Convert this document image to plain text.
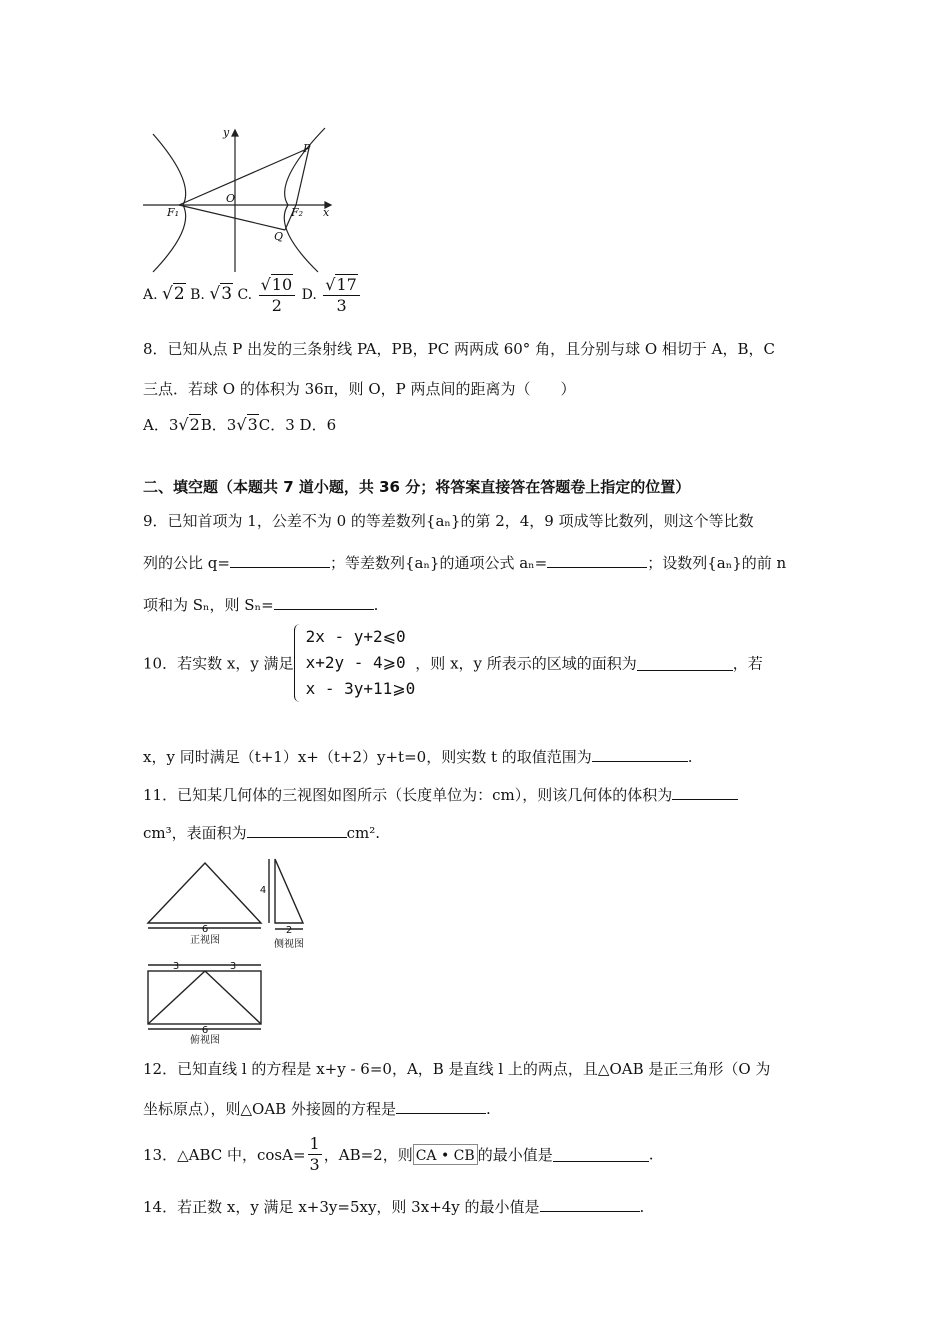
y
x
O
F₁	F₂
P
Q
A. √2 B. √3 C. $\frac{√10}{2} D$. $\frac{√17}{3}$
8．已知从点 P 出发的三条射线 PA，PB，PC 两两成 60° 角，且分别与球 O 相切于 A，B，C
三点．若球 O 的体积为 36π，则 O，P 两点间的距离为（　　）
A．3√2B．3√3C．3 D．6
二、填空题（本题共 7 道小题，共 36 分；将答案直接答在答题卷上指定的位置）
9．已知首项为 1，公差不为 0 的等差数列{aₙ}的第 2，4，9 项成等比数列，则这个等比数
列的公比 q=	；等差数列{aₙ}的通项公式 aₙ=	；设数列{aₙ}的前 n
项和为 Sₙ，则 Sₙ=	.
10．若实数 x，y 满足
2x - y+2⩽0
x+2y - 4⩾0
x - 3y+11⩾0
，则 x，y 所表示的区域的面积为	，若
x，y 同时满足（t+1）x+（t+2）y+t=0，则实数 t 的取值范围为	.
11．已知某几何体的三视图如图所示（长度单位为：cm），则该几何体的体积为
cm³，表面积为	cm².
6
正视图
4
2
侧视图
3	3
6
俯视图
12．已知直线 l 的方程是 x+y - 6=0，A，B 是直线 l 上的两点，且△OAB 是正三角形（O 为
坐标原点），则△OAB 外接圆的方程是	.
13．△ABC 中，$\cos A= \frac{1}{3}$ ，AB=2，则 CA • CB 的最小值是	.
14．若正数 x，y 满足 x+3y=5xy，则 3x+4y 的最小值是	.
